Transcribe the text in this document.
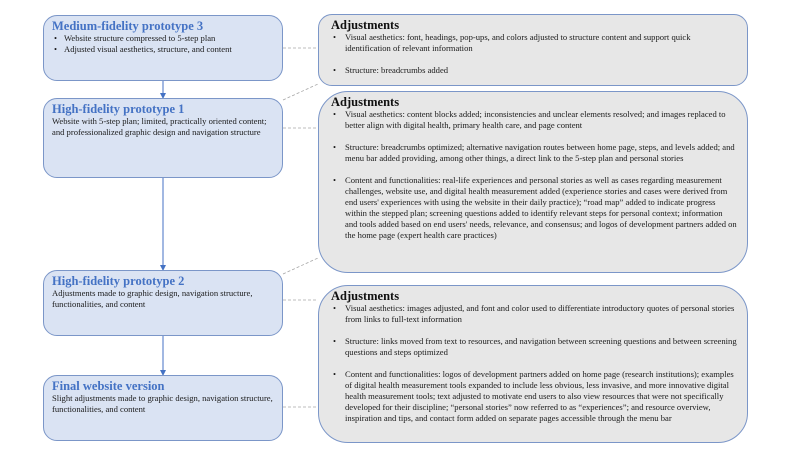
Medium-fidelity prototype 3
• Website structure compressed to 5-step plan
• Adjusted visual aesthetics, structure, and content
High-fidelity prototype 1
Website with 5-step plan; limited, practically oriented content; and professionalized graphic design and navigation structure
High-fidelity prototype 2
Adjustments made to graphic design, navigation structure, functionalities, and content
Final website version
Slight adjustments made to graphic design, navigation structure, functionalities, and content
Adjustments
• Visual aesthetics: font, headings, pop-ups, and colors adjusted to structure content and support quick identification of relevant information
• Structure: breadcrumbs added
Adjustments
• Visual aesthetics: content blocks added; inconsistencies and unclear elements resolved; and images replaced to better align with digital health, primary health care, and page content
• Structure: breadcrumbs optimized; alternative navigation routes between home page, steps, and levels added; and menu bar added providing, among other things, a direct link to the 5-step plan and personal stories
• Content and functionalities: real-life experiences and personal stories as well as cases regarding measurement challenges, website use, and digital health measurement added (experience stories and cases were derived from end users' experiences with using the website in their daily practice); “road map” added to indicate progress within the stepped plan; screening questions added to identify relevant steps for personal context; information and tools added based on end users' needs, relevance, and consensus; and logos of development partners added on the home page (expert health care practices)
Adjustments
• Visual aesthetics: images adjusted, and font and color used to differentiate introductory quotes of personal stories from links to full-text information
• Structure: links moved from text to resources, and navigation between screening questions and between screening questions and steps optimized
• Content and functionalities: logos of development partners added on home page (research institutions); examples of digital health measurement tools expanded to include less obvious, less invasive, and more innovative digital health measurement tools; text adjusted to motivate end users to also view resources that were not specifically developed for their discipline; “personal stories” now referred to as “experiences”; and resource overview, inspiration and tips, and contact form added on separate pages accessible through the menu bar
